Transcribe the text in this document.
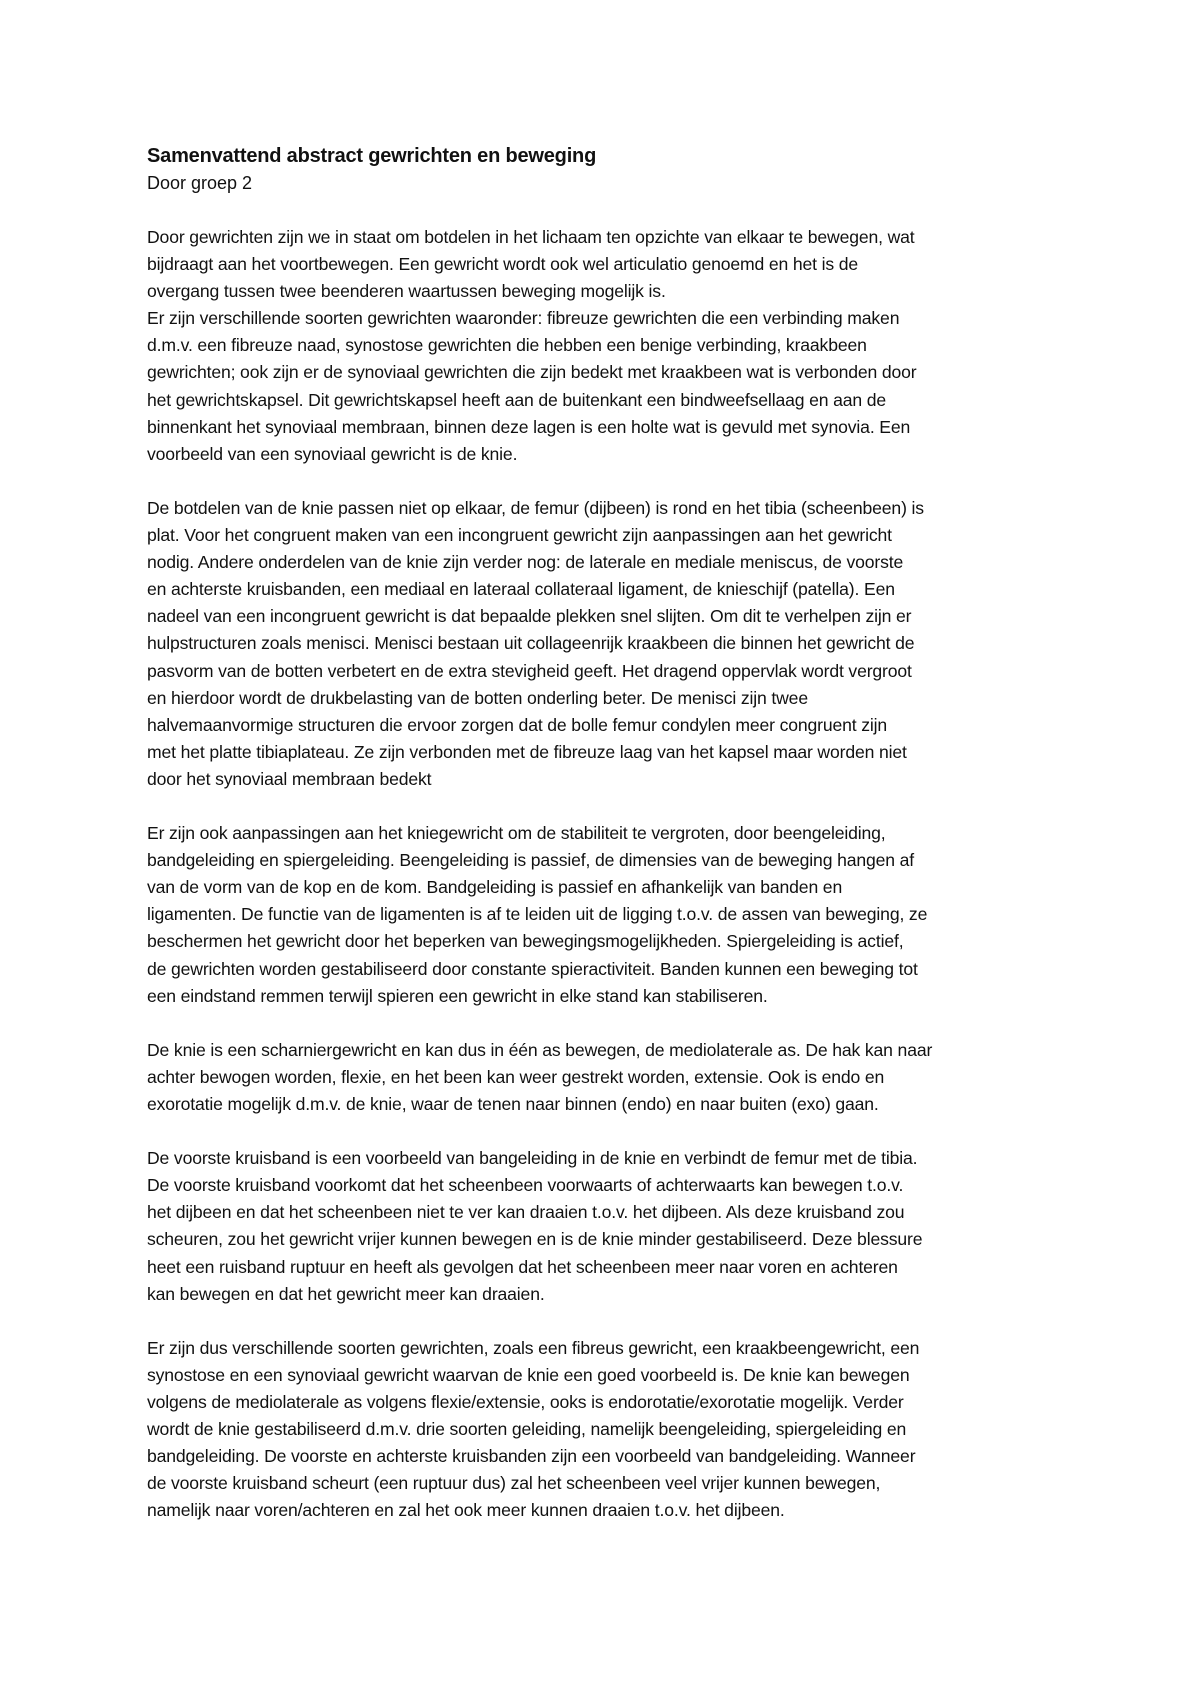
Samenvattend abstract gewrichten en beweging

Door groep 2

Door gewrichten zijn we in staat om botdelen in het lichaam ten opzichte van elkaar te bewegen, wat
bijdraagt aan het voortbewegen. Een gewricht wordt ook wel articulatio genoemd en het is de
overgang tussen twee beenderen waartussen beweging mogelijk is.
Er zijn verschillende soorten gewrichten waaronder: fibreuze gewrichten die een verbinding maken
d.m.v. een fibreuze naad, synostose gewrichten die hebben een benige verbinding, kraakbeen
gewrichten; ook zijn er de synoviaal gewrichten die zijn bedekt met kraakbeen wat is verbonden door
het gewrichtskapsel. Dit gewrichtskapsel heeft aan de buitenkant een bindweefsellaag en aan de
binnenkant het synoviaal membraan, binnen deze lagen is een holte wat is gevuld met synovia. Een
voorbeeld van een synoviaal gewricht is de knie.

De botdelen van de knie passen niet op elkaar, de femur (dijbeen) is rond en het tibia (scheenbeen) is
plat. Voor het congruent maken van een incongruent gewricht zijn aanpassingen aan het gewricht
nodig. Andere onderdelen van de knie zijn verder nog: de laterale en mediale meniscus, de voorste
en achterste kruisbanden, een mediaal en lateraal collateraal ligament, de knieschijf (patella). Een
nadeel van een incongruent gewricht is dat bepaalde plekken snel slijten. Om dit te verhelpen zijn er
hulpstructuren zoals menisci. Menisci bestaan uit collageenrijk kraakbeen die binnen het gewricht de
pasvorm van de botten verbetert en de extra stevigheid geeft. Het dragend oppervlak wordt vergroot
en hierdoor wordt de drukbelasting van de botten onderling beter. De menisci zijn twee
halvemaanvormige structuren die ervoor zorgen dat de bolle femur condylen meer congruent zijn
met het platte tibiaplateau. Ze zijn verbonden met de fibreuze laag van het kapsel maar worden niet
door het synoviaal membraan bedekt

Er zijn ook aanpassingen aan het kniegewricht om de stabiliteit te vergroten, door beengeleiding,
bandgeleiding en spiergeleiding. Beengeleiding is passief, de dimensies van de beweging hangen af
van de vorm van de kop en de kom. Bandgeleiding is passief en afhankelijk van banden en
ligamenten. De functie van de ligamenten is af te leiden uit de ligging t.o.v. de assen van beweging, ze
beschermen het gewricht door het beperken van bewegingsmogelijkheden. Spiergeleiding is actief,
de gewrichten worden gestabiliseerd door constante spieractiviteit. Banden kunnen een beweging tot
een eindstand remmen terwijl spieren een gewricht in elke stand kan stabiliseren.

De knie is een scharniergewricht en kan dus in één as bewegen, de mediolaterale as. De hak kan naar
achter bewogen worden, flexie, en het been kan weer gestrekt worden, extensie. Ook is endo en
exorotatie mogelijk d.m.v. de knie, waar de tenen naar binnen (endo) en naar buiten (exo) gaan.

De voorste kruisband is een voorbeeld van bangeleiding in de knie en verbindt de femur met de tibia.
De voorste kruisband voorkomt dat het scheenbeen voorwaarts of achterwaarts kan bewegen t.o.v.
het dijbeen en dat het scheenbeen niet te ver kan draaien t.o.v. het dijbeen. Als deze kruisband zou
scheuren, zou het gewricht vrijer kunnen bewegen en is de knie minder gestabiliseerd. Deze blessure
heet een ruisband ruptuur en heeft als gevolgen dat het scheenbeen meer naar voren en achteren
kan bewegen en dat het gewricht meer kan draaien.

Er zijn dus verschillende soorten gewrichten, zoals een fibreus gewricht, een kraakbeengewricht, een
synostose en een synoviaal gewricht waarvan de knie een goed voorbeeld is. De knie kan bewegen
volgens de mediolaterale as volgens flexie/extensie, ooks is endorotatie/exorotatie mogelijk. Verder
wordt de knie gestabiliseerd d.m.v. drie soorten geleiding, namelijk beengeleiding, spiergeleiding en
bandgeleiding. De voorste en achterste kruisbanden zijn een voorbeeld van bandgeleiding. Wanneer
de voorste kruisband scheurt (een ruptuur dus) zal het scheenbeen veel vrijer kunnen bewegen,
namelijk naar voren/achteren en zal het ook meer kunnen draaien t.o.v. het dijbeen.
